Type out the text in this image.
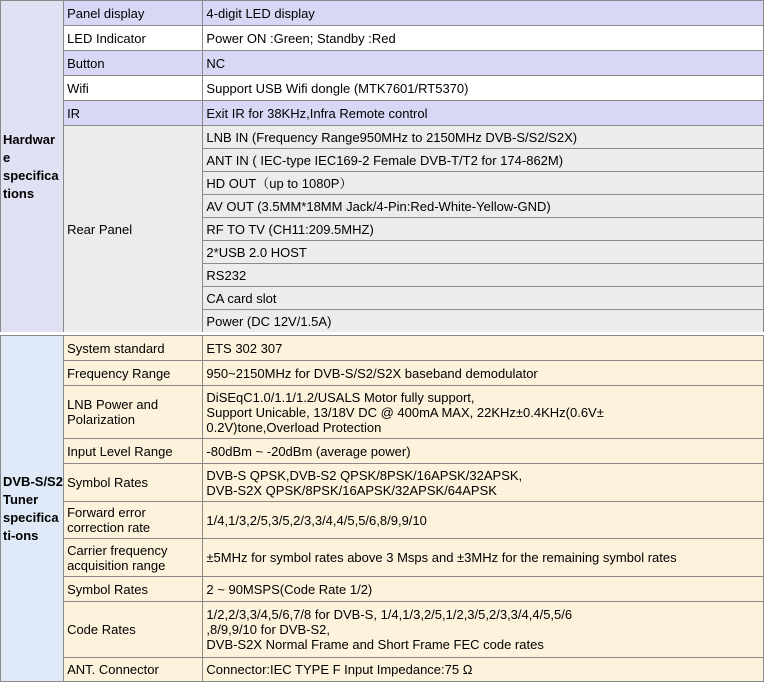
Hardwar
e
specifica
tions	Panel display	4-digit LED display
	LED Indicator	Power ON :Green; Standby :Red
	Button	NC
	Wifi	Support USB Wifi dongle (MTK7601/RT5370)
	IR	Exit IR for 38KHz,Infra Remote control
	Rear Panel	LNB IN (Frequency Range950MHz to 2150MHz DVB-S/S2/S2X)
		ANT IN ( IEC-type IEC169-2 Female DVB-T/T2 for 174-862M)
		HD OUT（up to 1080P）
		AV OUT (3.5MM*18MM Jack/4-Pin:Red-White-Yellow-GND)
		RF TO TV (CH11:209.5MHZ)
		2*USB 2.0 HOST
		RS232
		CA card slot
		Power (DC 12V/1.5A)
DVB-S/S2
Tuner
specifica
ti-ons	System standard	ETS 302 307

	Frequency Range	950~2150MHz for DVB-S/S2/S2X baseband demodulator

	LNB Power and
Polarization	DiSEqC1.0/1.1/1.2/USALS Motor fully support,
Support Unicable, 13/18V DC @ 400mA MAX, 22KHz±0.4KHz(0.6V±
0.2V)tone,Overload Protection

	Input Level Range	-80dBm ~ -20dBm (average power)

	Symbol Rates	DVB-S QPSK,DVB-S2 QPSK/8PSK/16APSK/32APSK,
DVB-S2X QPSK/8PSK/16APSK/32APSK/64APSK

	Forward error
correction rate	1/4,1/3,2/5,3/5,2/3,3/4,4/5,5/6,8/9,9/10

	Carrier frequency
acquisition range	±5MHz for symbol rates above 3 Msps and ±3MHz for the remaining symbol rates

	Symbol Rates	2 ~ 90MSPS(Code Rate 1/2)

	Code Rates	1/2,2/3,3/4,5/6,7/8 for DVB-S, 1/4,1/3,2/5,1/2,3/5,2/3,3/4,4/5,5/6
,8/9,9/10 for DVB-S2,
DVB-S2X Normal Frame and Short Frame FEC code rates

	ANT. Connector	Connector:IEC TYPE F Input Impedance:75 Ω
